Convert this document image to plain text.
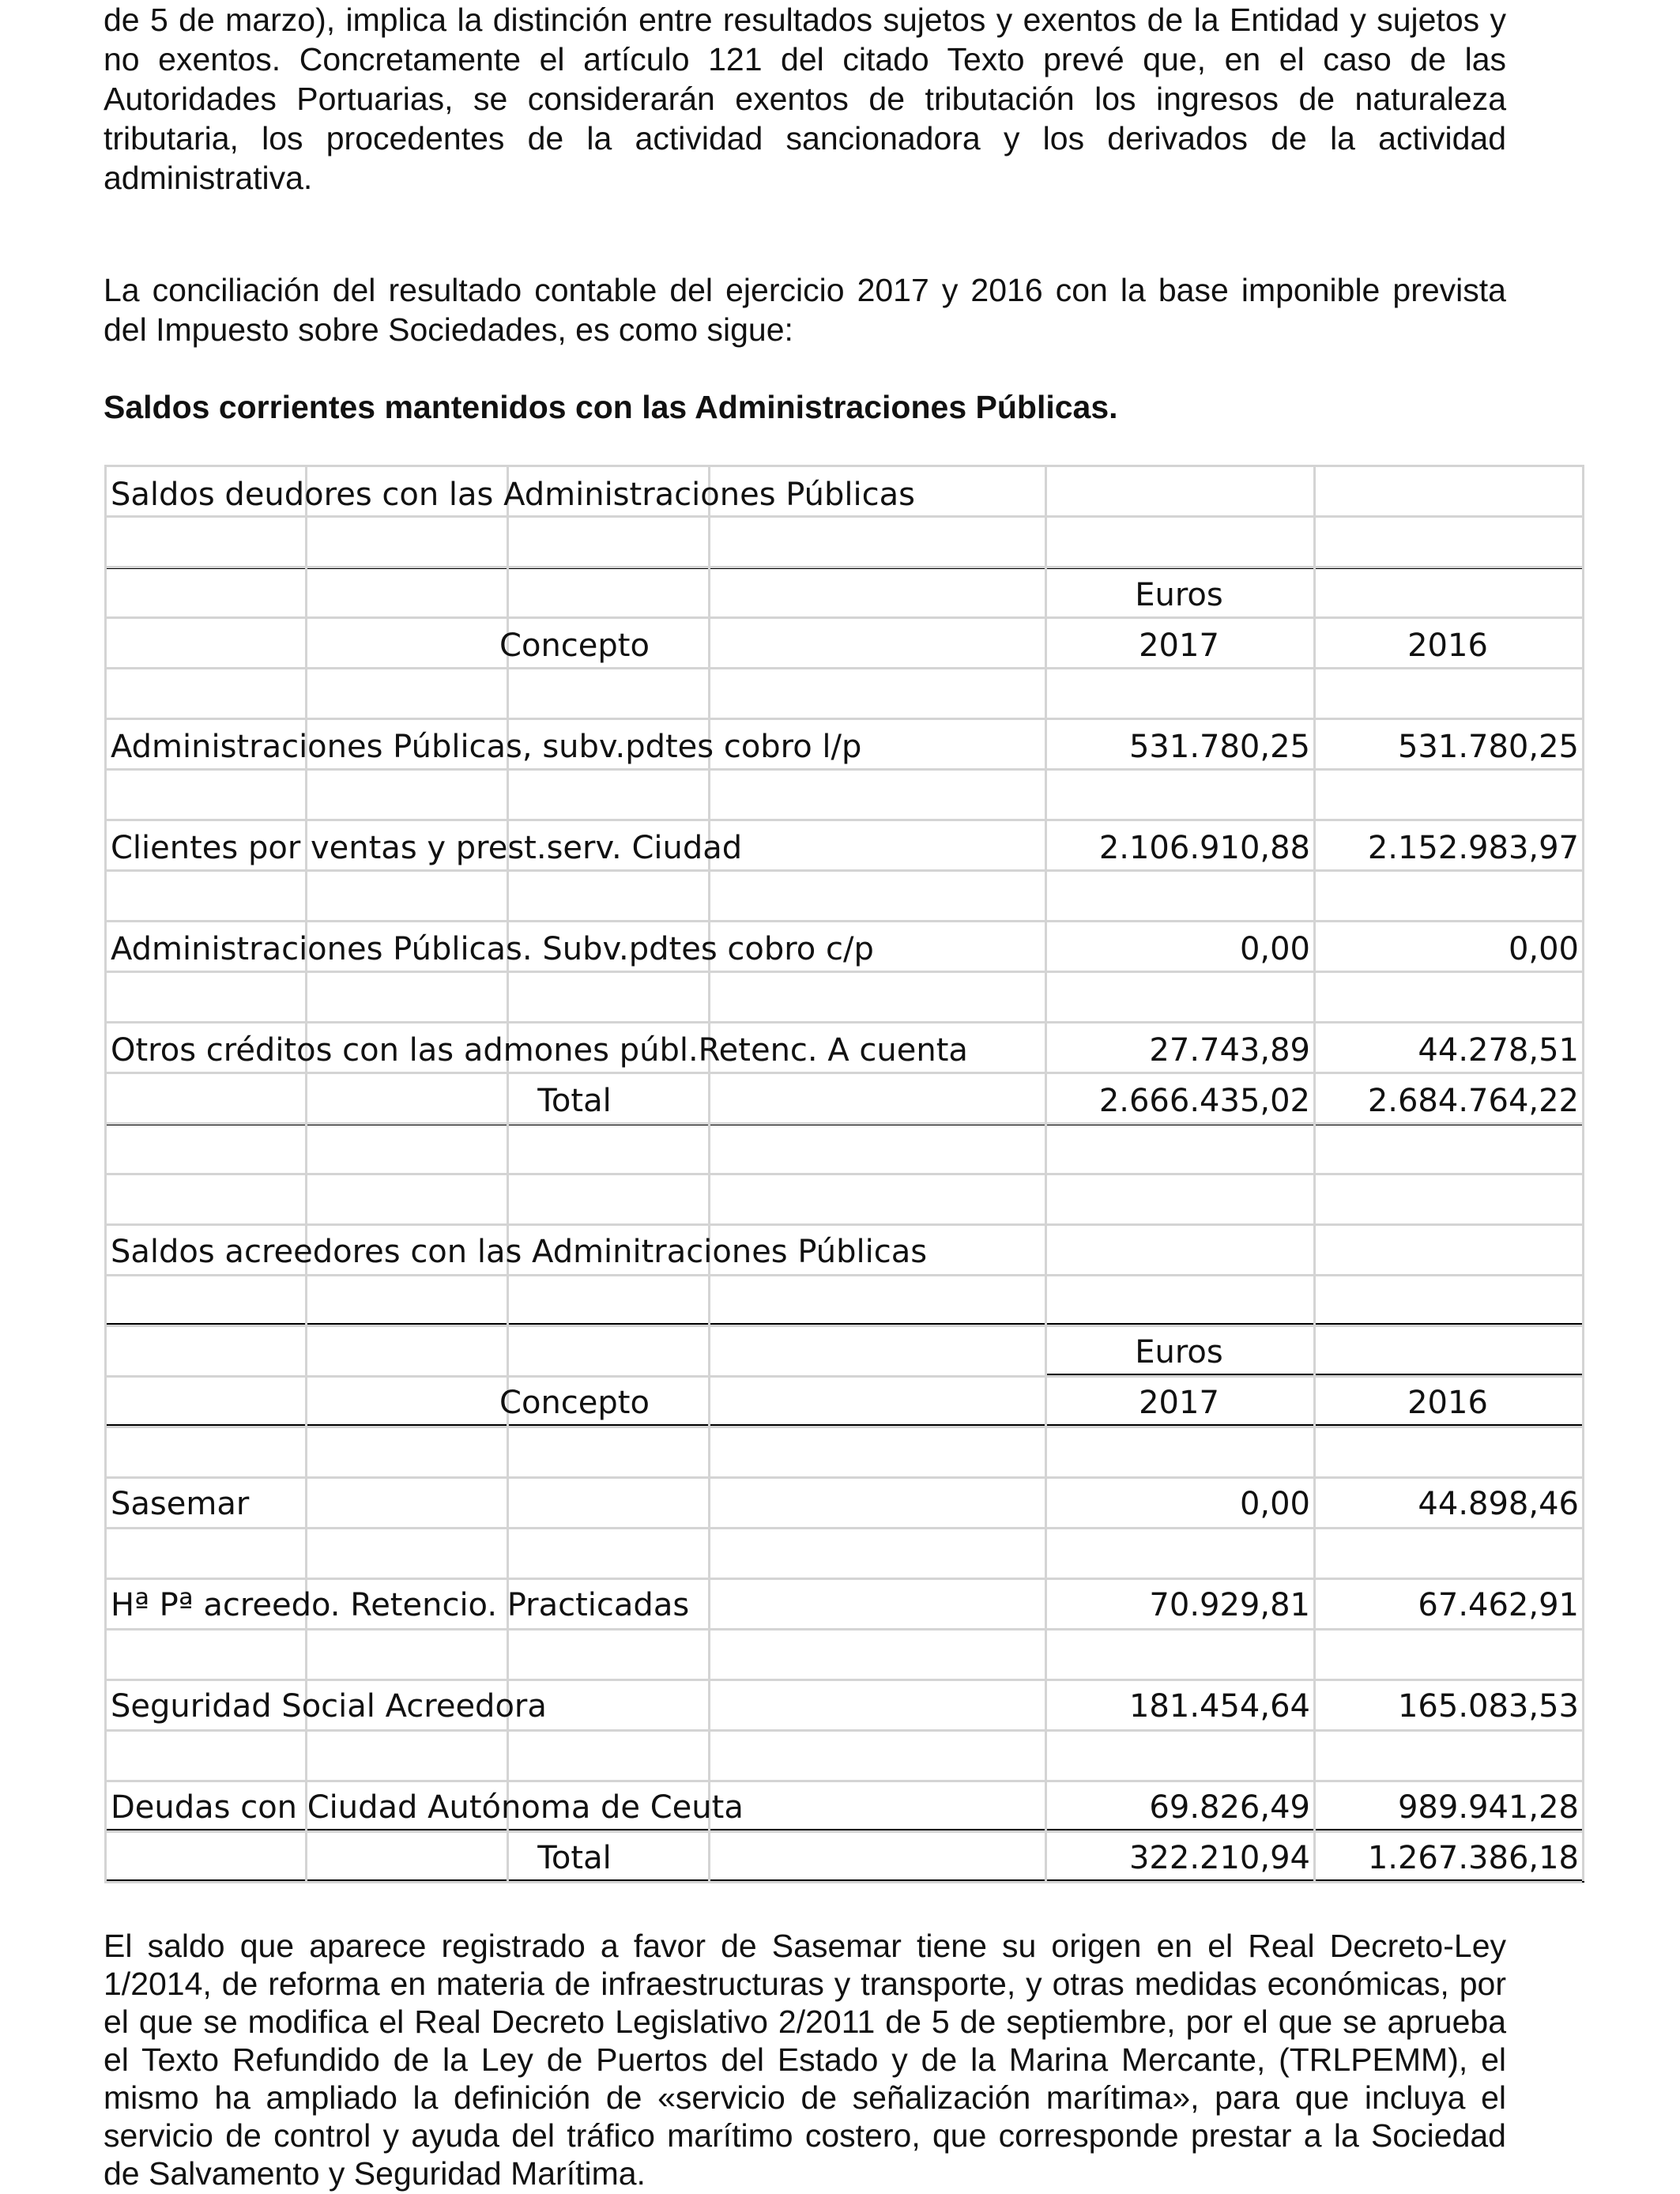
de 5 de marzo), implica la distinción entre resultados sujetos y exentos de la Entidad y sujetos y no exentos. Concretamente el artículo 121 del citado Texto prevé que, en el caso de las Autoridades Portuarias, se considerarán exentos de tributación los ingresos de naturaleza tributaria, los procedentes de la actividad sancionadora y los derivados de la actividad administrativa.

La conciliación del resultado contable del ejercicio 2017 y 2016 con la base imponible prevista del Impuesto sobre Sociedades, es como sigue:

Saldos corrientes mantenidos con las Administraciones Públicas.

Saldos deudores con las Administraciones Públicas
Euros
Concepto	2017	2016
Administraciones Públicas, subv.pdtes cobro l/p	531.780,25	531.780,25
Clientes por ventas y prest.serv. Ciudad	2.106.910,88	2.152.983,97
Administraciones Públicas. Subv.pdtes cobro c/p	0,00	0,00
Otros créditos con las admones públ.Retenc. A cuenta	27.743,89	44.278,51
Total	2.666.435,02	2.684.764,22
Saldos acreedores con las Adminitraciones Públicas
Euros
Concepto	2017	2016
Sasemar	0,00	44.898,46
Hª Pª acreedo. Retencio. Practicadas	70.929,81	67.462,91
Seguridad Social Acreedora	181.454,64	165.083,53
Deudas con Ciudad Autónoma de Ceuta	69.826,49	989.941,28
Total	322.210,94	1.267.386,18

El saldo que aparece registrado a favor de Sasemar tiene su origen en el Real Decreto-Ley 1/2014, de reforma en materia de infraestructuras y transporte, y otras medidas económicas, por el que se modifica el Real Decreto Legislativo 2/2011 de 5 de septiembre, por el que se aprueba el Texto Refundido de la Ley de Puertos del Estado y de la Marina Mercante, (TRLPEMM), el mismo ha ampliado la definición de «servicio de señalización marítima», para que incluya el servicio de control y ayuda del tráfico marítimo costero, que corresponde prestar a la Sociedad de Salvamento y Seguridad Marítima.
